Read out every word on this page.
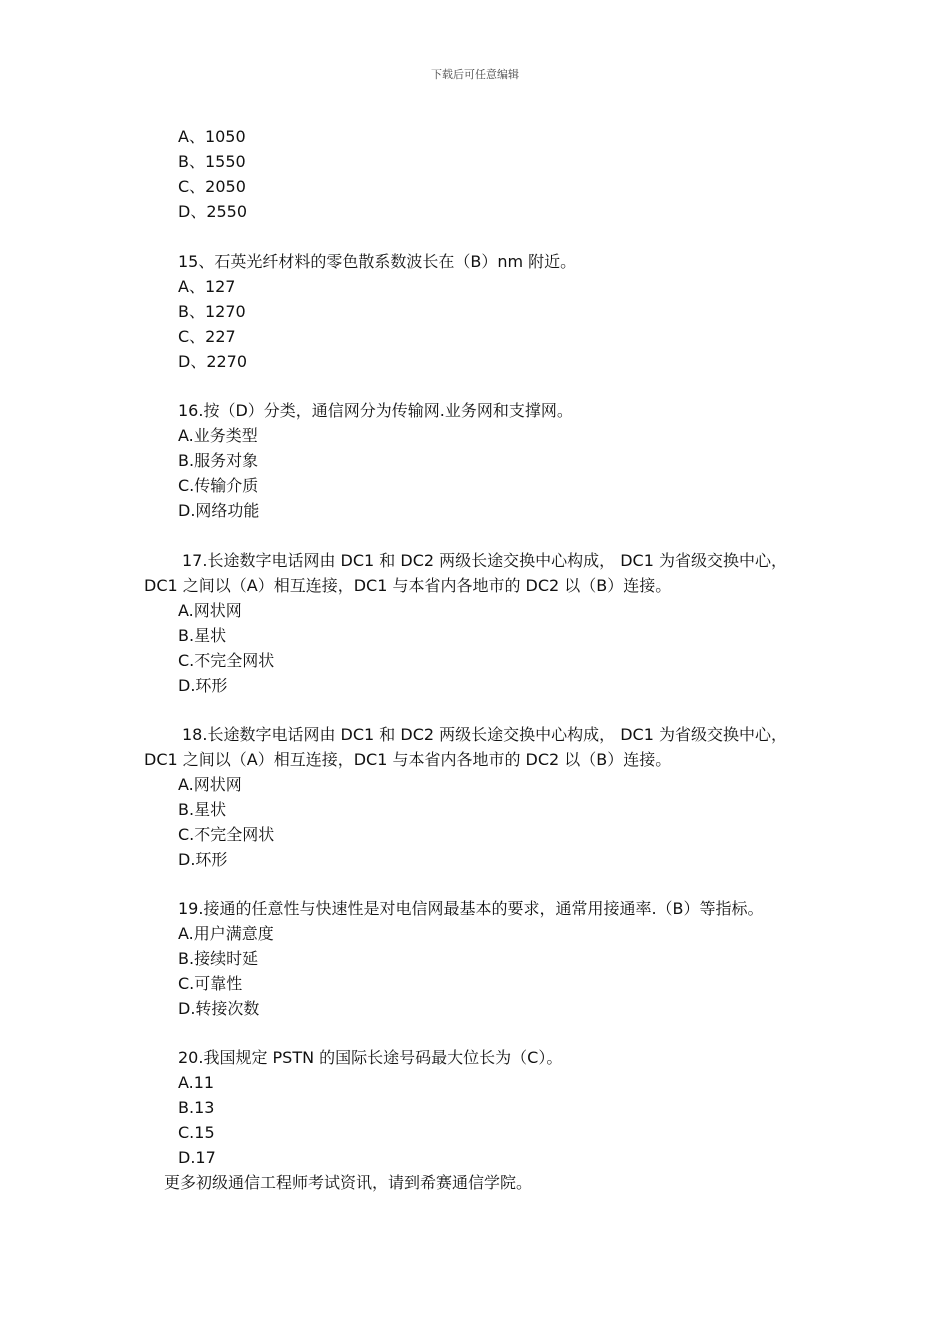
下载后可任意编辑
A、1050
B、1550
C、2050
D、2550
15、石英光纤材料的零色散系数波长在（B）nm 附近。
A、127
B、1270
C、227
D、2270
16.按（D）分类，通信网分为传输网.业务网和支撑网。
A.业务类型
B.服务对象
C.传输介质
D.网络功能
17.长途数字电话网由 DC1 和 DC2 两级长途交换中心构成， DC1 为省级交换中心，
DC1 之间以（A）相互连接，DC1 与本省内各地市的 DC2 以（B）连接。
A.网状网
B.星状
C.不完全网状
D.环形
18.长途数字电话网由 DC1 和 DC2 两级长途交换中心构成， DC1 为省级交换中心，
DC1 之间以（A）相互连接，DC1 与本省内各地市的 DC2 以（B）连接。
A.网状网
B.星状
C.不完全网状
D.环形
19.接通的任意性与快速性是对电信网最基本的要求，通常用接通率.（B）等指标。
A.用户满意度
B.接续时延
C.可靠性
D.转接次数
20.我国规定 PSTN 的国际长途号码最大位长为（C）。
A.11
B.13
C.15
D.17
更多初级通信工程师考试资讯，请到希赛通信学院。
